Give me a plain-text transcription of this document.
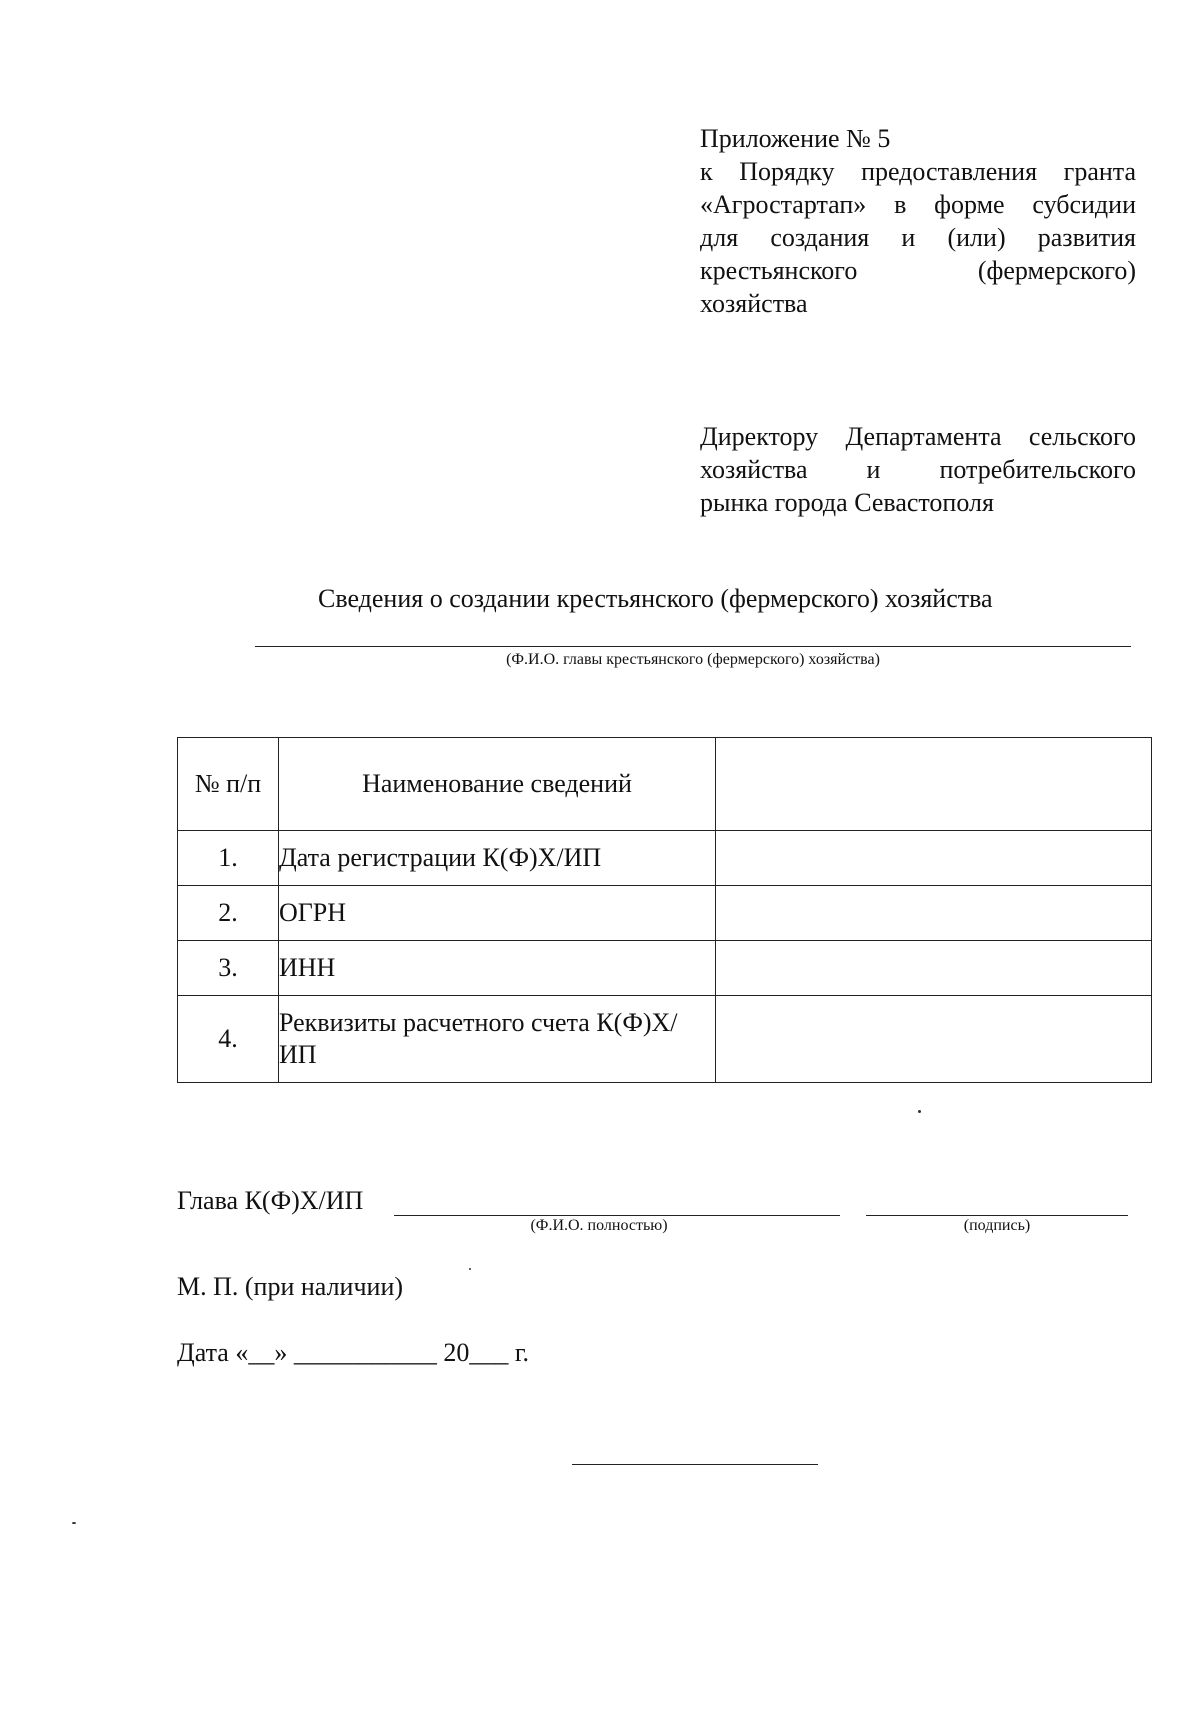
Приложение № 5
к Порядку предоставления гранта
«Агростартап» в форме субсидии
для создания и (или) развития
крестьянского (фермерского)
хозяйства
Директору Департамента сельского
хозяйства и потребительского
рынка города Севастополя
Сведения о создании крестьянского (фермерского) хозяйства
(Ф.И.О. главы крестьянского (фермерского) хозяйства)
№ п/п	Наименование сведений	
1.	Дата регистрации К(Ф)Х/ИП	
2.	ОГРН	
3.	ИНН	
4.	Реквизиты расчетного счета К(Ф)Х/ИП	
Глава К(Ф)Х/ИП
(Ф.И.О. полностью)	(подпись)
М. П. (при наличии)
Дата «__» ___________ 20___ г.
